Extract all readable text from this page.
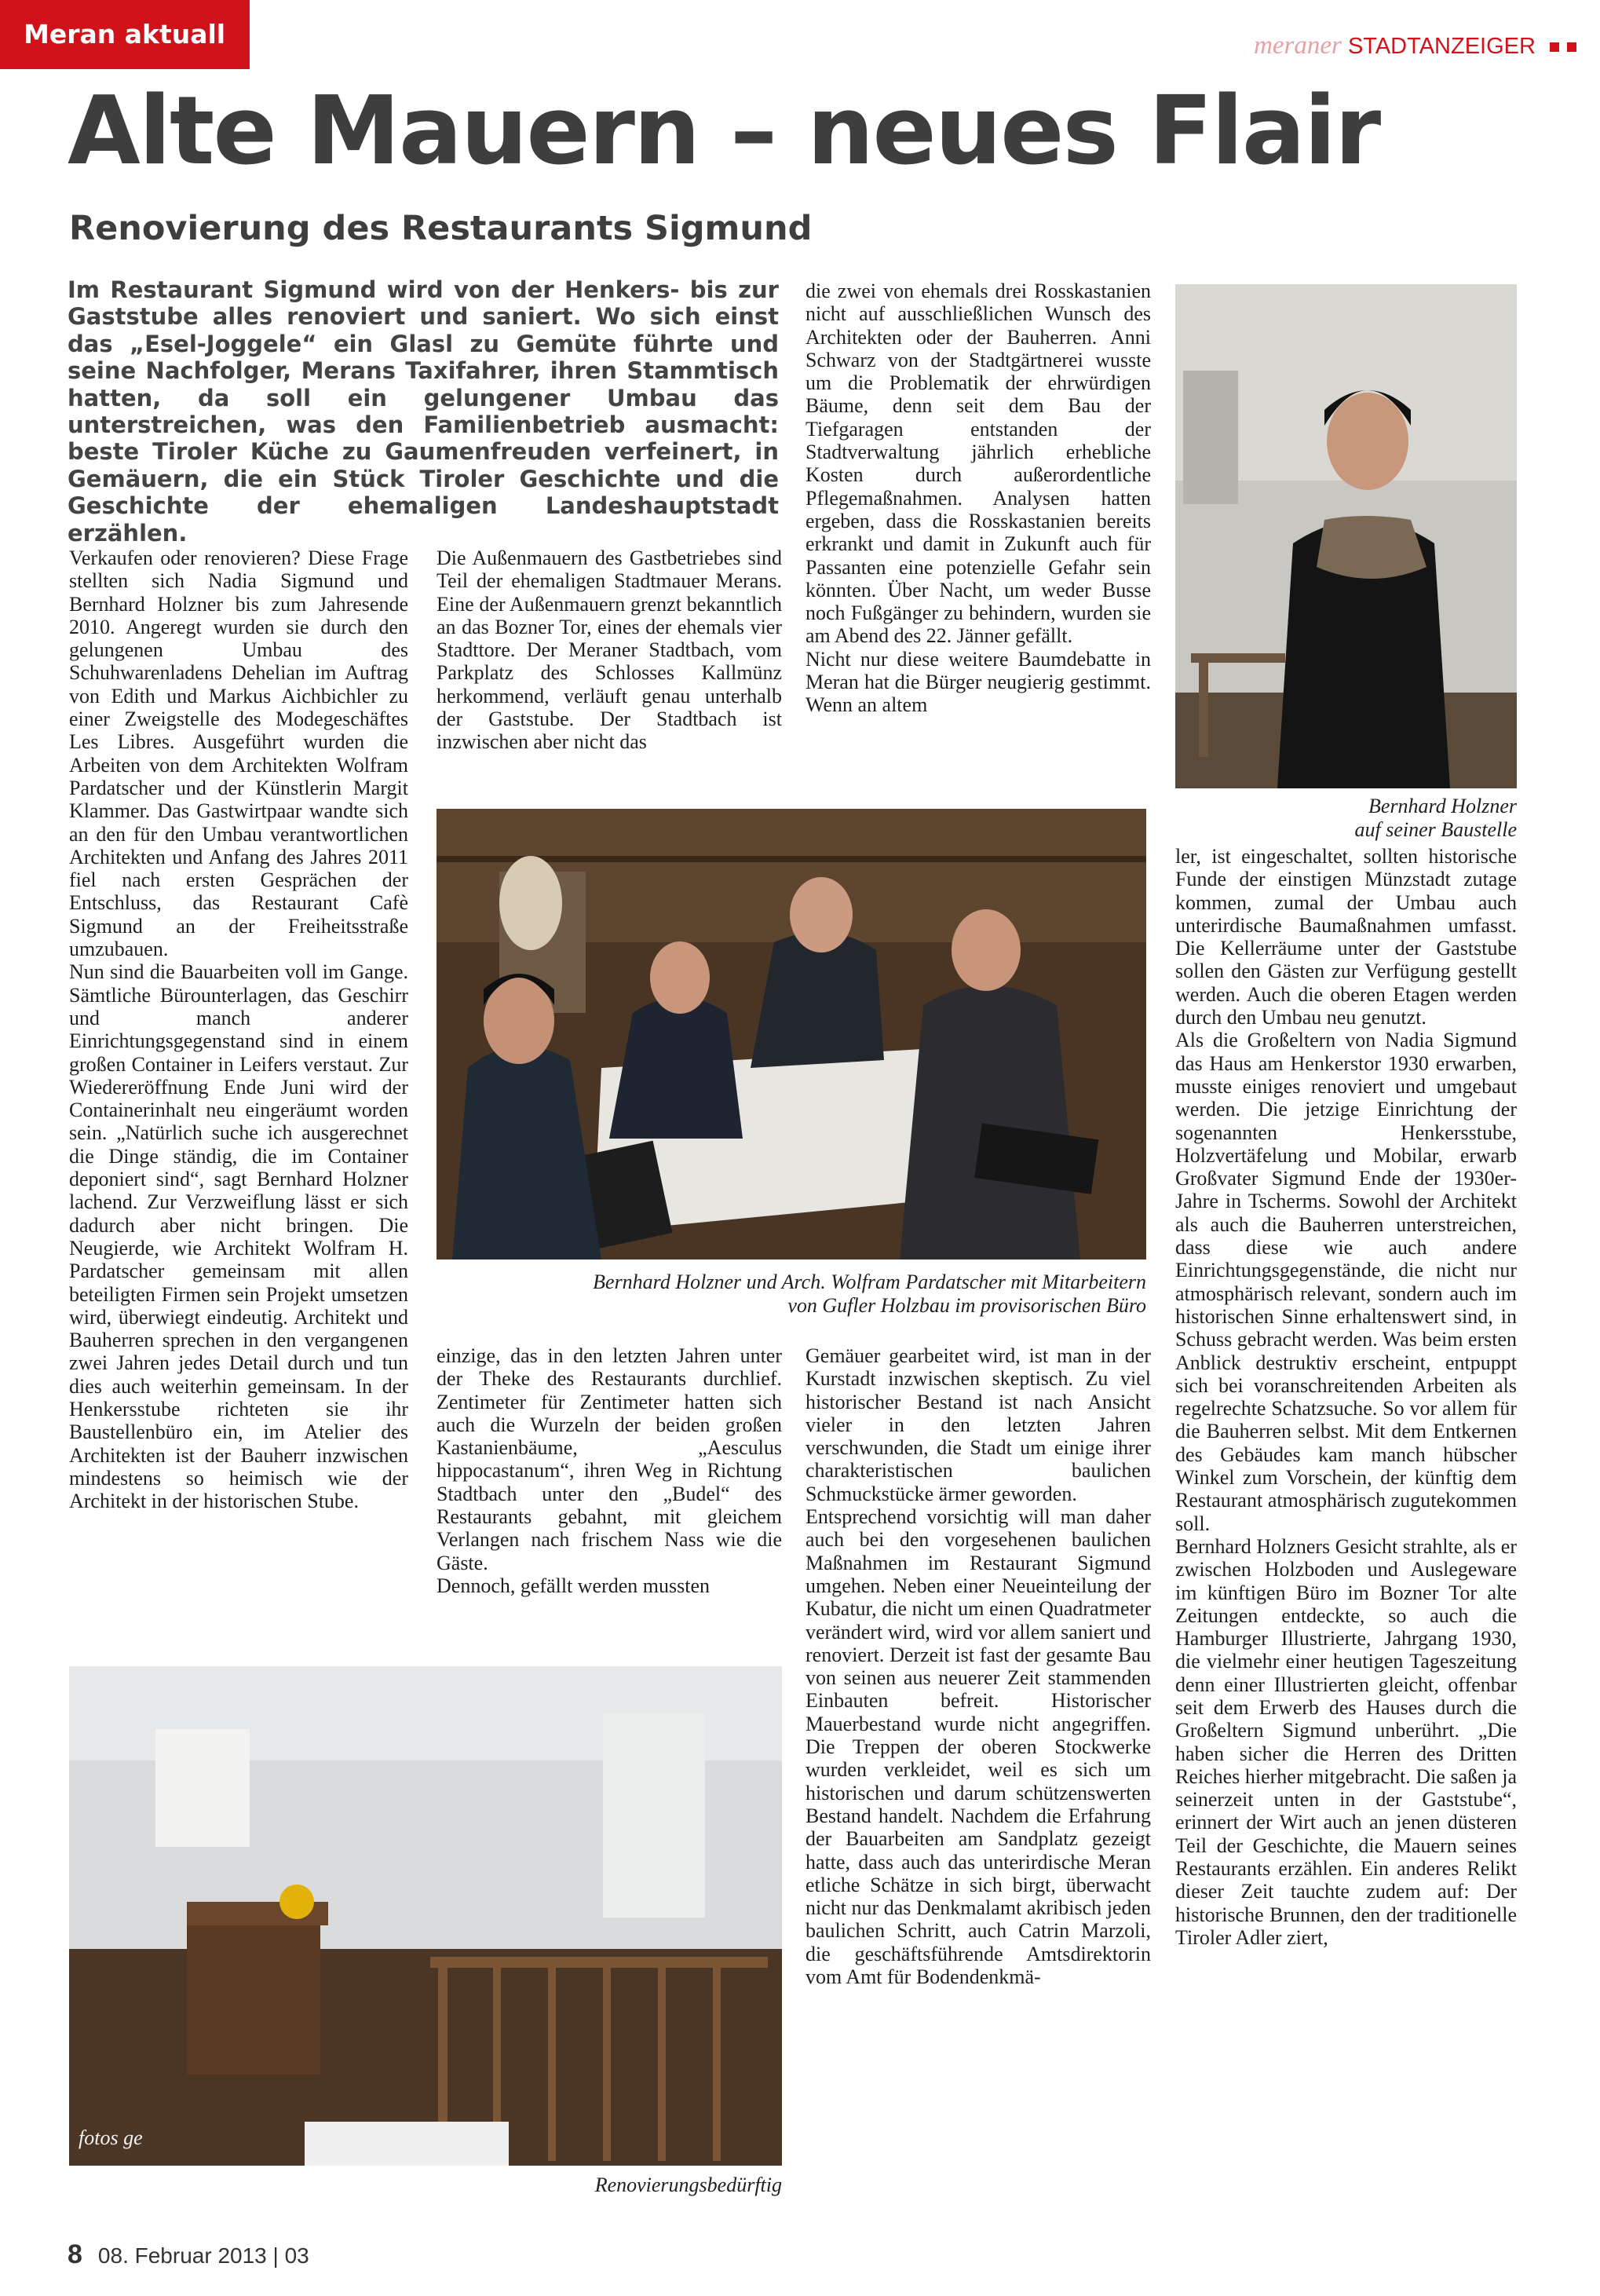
Meran aktuall	meraner STADTANZEIGER
Alte Mauern – neues Flair
Renovierung des Restaurants Sigmund
Im Restaurant Sigmund wird von der Henkers- bis zur Gaststube alles renoviert und saniert. Wo sich einst das „Esel-Joggele“ ein Glasl zu Gemüte führte und seine Nachfolger, Merans Taxifahrer, ihren Stammtisch hatten, da soll ein gelungener Umbau das unterstreichen, was den Familienbetrieb ausmacht: beste Tiroler Küche zu Gaumenfreuden verfeinert, in Gemäuern, die ein Stück Tiroler Geschichte und die Geschichte der ehemaligen Landeshauptstadt erzählen.
Bernhard Holzner
auf seiner Baustelle
Bernhard Holzner und Arch. Wolfram Pardatscher mit Mitarbeitern
von Gufler Holzbau im provisorischen Büro
fotos ge
Renovierungsbedürftig
Verkaufen oder renovieren? Diese Frage stellten sich Nadia Sigmund und Bernhard Holzner bis zum Jahresende 2010. Angeregt wurden sie durch den gelungenen Umbau des Schuhwarenladens Dehelian im Auftrag von Edith und Markus Aichbichler zu einer Zweigstelle des Modegeschäftes Les Libres. Ausgeführt wurden die Arbeiten von dem Architekten Wolfram Pardatscher und der Künstlerin Margit Klammer. Das Gastwirtpaar wandte sich an den für den Umbau verantwortlichen Architekten und Anfang des Jahres 2011 fiel nach ersten Gesprächen der Entschluss, das Restaurant Cafè Sigmund an der Freiheitsstraße umzubauen.
Nun sind die Bauarbeiten voll im Gange. Sämtliche Bürounterlagen, das Geschirr und manch anderer Einrichtungsgegenstand sind in einem großen Container in Leifers verstaut. Zur Wiedereröffnung Ende Juni wird der Containerinhalt neu eingeräumt worden sein. „Natürlich suche ich ausgerechnet die Dinge ständig, die im Container deponiert sind“, sagt Bernhard Holzner lachend. Zur Verzweiflung lässt er sich dadurch aber nicht bringen. Die Neugierde, wie Architekt Wolfram H. Pardatscher gemeinsam mit allen beteiligten Firmen sein Projekt umsetzen wird, überwiegt eindeutig. Architekt und Bauherren sprechen in den vergangenen zwei Jahren jedes Detail durch und tun dies auch weiterhin gemeinsam. In der Henkersstube richteten sie ihr Baustellenbüro ein, im Atelier des Architekten ist der Bauherr inzwischen mindestens so heimisch wie der Architekt in der historischen Stube.
Die Außenmauern des Gastbetriebes sind Teil der ehemaligen Stadtmauer Merans. Eine der Außenmauern grenzt bekanntlich an das Bozner Tor, eines der ehemals vier Stadttore. Der Meraner Stadtbach, vom Parkplatz des Schlosses Kallmünz herkommend, verläuft genau unterhalb der Gaststube. Der Stadtbach ist inzwischen aber nicht das
die zwei von ehemals drei Rosskastanien nicht auf ausschließlichen Wunsch des Architekten oder der Bauherren. Anni Schwarz von der Stadtgärtnerei wusste um die Problematik der ehrwürdigen Bäume, denn seit dem Bau der Tiefgaragen entstanden der Stadtverwaltung jährlich erhebliche Kosten durch außerordentliche Pflegemaßnahmen. Analysen hatten ergeben, dass die Rosskastanien bereits erkrankt und damit in Zukunft auch für Passanten eine potenzielle Gefahr sein könnten. Über Nacht, um weder Busse noch Fußgänger zu behindern, wurden sie am Abend des 22. Jänner gefällt.
Nicht nur diese weitere Baumdebatte in Meran hat die Bürger neugierig gestimmt. Wenn an altem
einzige, das in den letzten Jahren unter der Theke des Restaurants durchlief. Zentimeter für Zentimeter hatten sich auch die Wurzeln der beiden großen Kastanienbäume, „Aesculus hippocastanum“, ihren Weg in Richtung Stadtbach unter den „Budel“ des Restaurants gebahnt, mit gleichem Verlangen nach frischem Nass wie die Gäste.
Dennoch, gefällt werden mussten
Gemäuer gearbeitet wird, ist man in der Kurstadt inzwischen skeptisch. Zu viel historischer Bestand ist nach Ansicht vieler in den letzten Jahren verschwunden, die Stadt um einige ihrer charakteristischen baulichen Schmuckstücke ärmer geworden.
Entsprechend vorsichtig will man daher auch bei den vorgesehenen baulichen Maßnahmen im Restaurant Sigmund umgehen. Neben einer Neueinteilung der Kubatur, die nicht um einen Quadratmeter verändert wird, wird vor allem saniert und renoviert. Derzeit ist fast der gesamte Bau von seinen aus neuerer Zeit stammenden Einbauten befreit. Historischer Mauerbestand wurde nicht angegriffen. Die Treppen der oberen Stockwerke wurden verkleidet, weil es sich um historischen und darum schützenswerten Bestand handelt. Nachdem die Erfahrung der Bauarbeiten am Sandplatz gezeigt hatte, dass auch das unterirdische Meran etliche Schätze in sich birgt, überwacht nicht nur das Denkmalamt akribisch jeden baulichen Schritt, auch Catrin Marzoli, die geschäftsführende Amtsdirektorin vom Amt für Bodendenkmä-
ler, ist eingeschaltet, sollten historische Funde der einstigen Münzstadt zutage kommen, zumal der Umbau auch unterirdische Baumaßnahmen umfasst. Die Kellerräume unter der Gaststube sollen den Gästen zur Verfügung gestellt werden. Auch die oberen Etagen werden durch den Umbau neu genutzt.
Als die Großeltern von Nadia Sigmund das Haus am Henkerstor 1930 erwarben, musste einiges renoviert und umgebaut werden. Die jetzige Einrichtung der sogenannten Henkersstube, Holzvertäfelung und Mobilar, erwarb Großvater Sigmund Ende der 1930er-Jahre in Tscherms. Sowohl der Architekt als auch die Bauherren unterstreichen, dass diese wie auch andere Einrichtungsgegenstände, die nicht nur atmosphärisch relevant, sondern auch im historischen Sinne erhaltenswert sind, in Schuss gebracht werden. Was beim ersten Anblick destruktiv erscheint, entpuppt sich bei voranschreitenden Arbeiten als regelrechte Schatzsuche. So vor allem für die Bauherren selbst. Mit dem Entkernen des Gebäudes kam manch hübscher Winkel zum Vorschein, der künftig dem Restaurant atmosphärisch zugutekommen soll.
Bernhard Holzners Gesicht strahlte, als er zwischen Holzboden und Auslegeware im künftigen Büro im Bozner Tor alte Zeitungen entdeckte, so auch die Hamburger Illustrierte, Jahrgang 1930, die vielmehr einer heutigen Tageszeitung denn einer Illustrierten gleicht, offenbar seit dem Erwerb des Hauses durch die Großeltern Sigmund unberührt. „Die haben sicher die Herren des Dritten Reiches hierher mitgebracht. Die saßen ja seinerzeit unten in der Gaststube“, erinnert der Wirt auch an jenen düsteren Teil der Geschichte, die Mauern seines Restaurants erzählen. Ein anderes Relikt dieser Zeit tauchte zudem auf: Der historische Brunnen, den der traditionelle Tiroler Adler ziert,
8 08. Februar 2013 | 03
